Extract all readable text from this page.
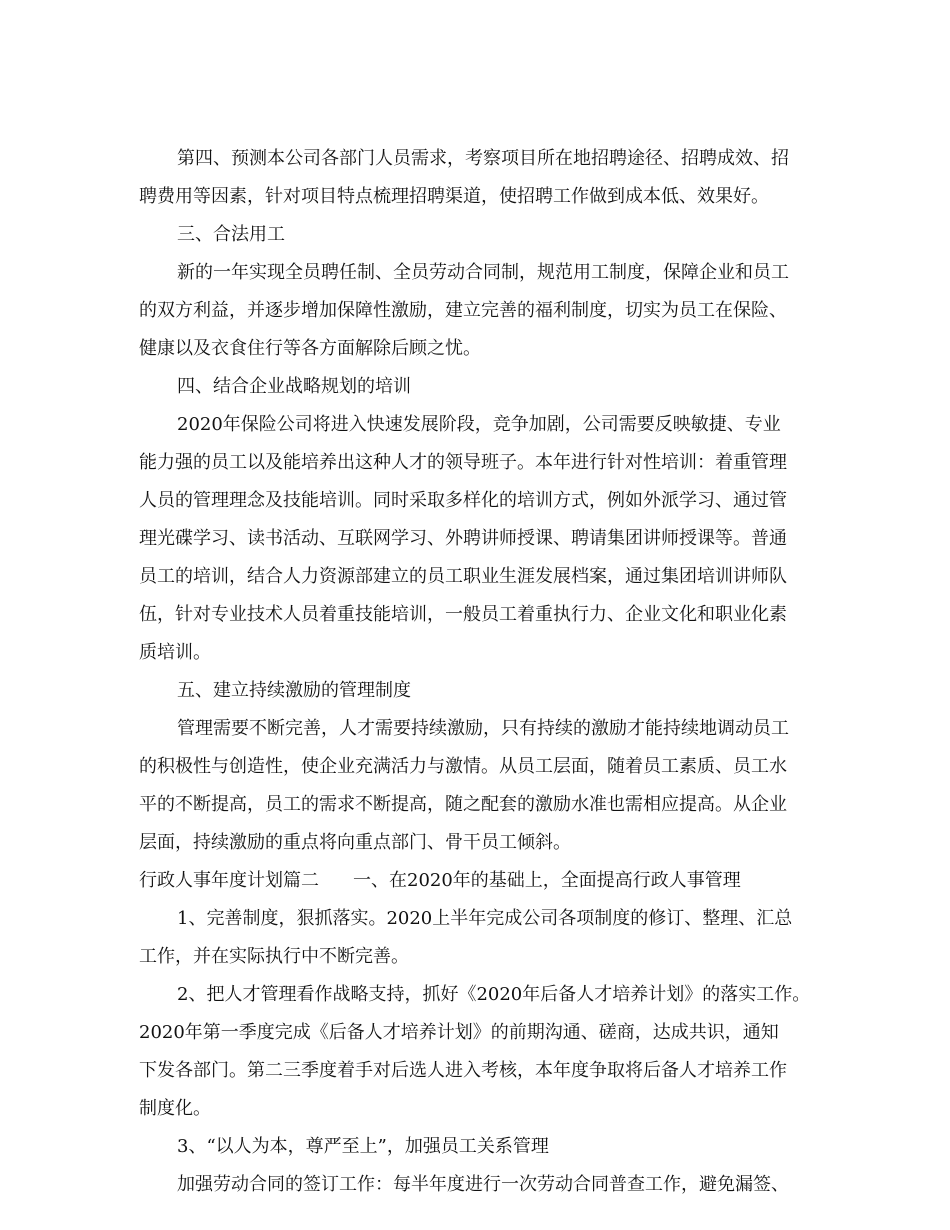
第四、预测本公司各部门人员需求，考察项目所在地招聘途径、招聘成效、招
聘费用等因素，针对项目特点梳理招聘渠道，使招聘工作做到成本低、效果好。
三、合法用工
新的一年实现全员聘任制、全员劳动合同制，规范用工制度，保障企业和员工
的双方利益，并逐步增加保障性激励，建立完善的福利制度，切实为员工在保险、
健康以及衣食住行等各方面解除后顾之忧。
四、结合企业战略规划的培训
2020年保险公司将进入快速发展阶段，竞争加剧，公司需要反映敏捷、专业
能力强的员工以及能培养出这种人才的领导班子。本年进行针对性培训：着重管理
人员的管理理念及技能培训。同时采取多样化的培训方式，例如外派学习、通过管
理光碟学习、读书活动、互联网学习、外聘讲师授课、聘请集团讲师授课等。普通
员工的培训，结合人力资源部建立的员工职业生涯发展档案，通过集团培训讲师队
伍，针对专业技术人员着重技能培训，一般员工着重执行力、企业文化和职业化素
质培训。
五、建立持续激励的管理制度
管理需要不断完善，人才需要持续激励，只有持续的激励才能持续地调动员工
的积极性与创造性，使企业充满活力与激情。从员工层面，随着员工素质、员工水
平的不断提高，员工的需求不断提高，随之配套的激励水准也需相应提高。从企业
层面，持续激励的重点将向重点部门、骨干员工倾斜。
行政人事年度计划篇二 一、在2020年的基础上，全面提高行政人事管理
1、完善制度，狠抓落实。2020上半年完成公司各项制度的修订、整理、汇总
工作，并在实际执行中不断完善。
2、把人才管理看作战略支持，抓好《2020年后备人才培养计划》的落实工作。
2020年第一季度完成《后备人才培养计划》的前期沟通、磋商，达成共识，通知
下发各部门。第二三季度着手对后选人进入考核，本年度争取将后备人才培养工作
制度化。
3、“以人为本，尊严至上”，加强员工关系管理
加强劳动合同的签订工作：每半年度进行一次劳动合同普查工作，避免漏签、
